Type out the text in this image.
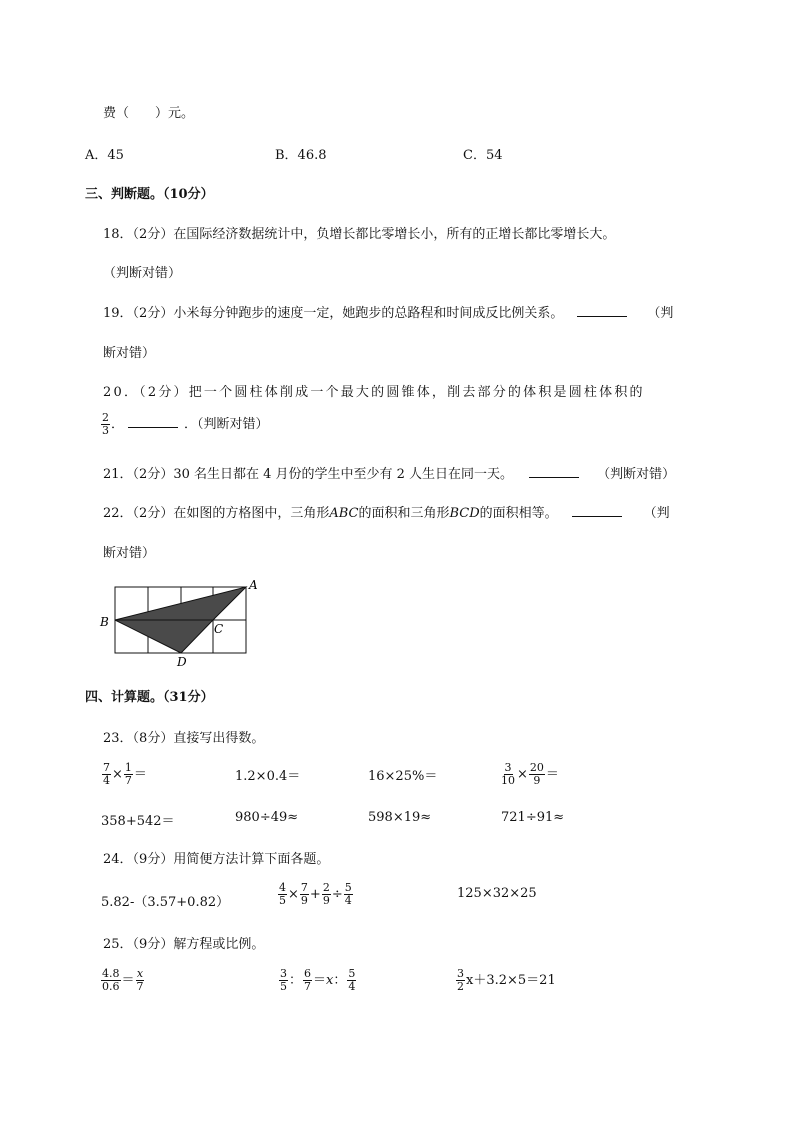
费（　　）元。
A．45	B．46.8	C．54
三、判断题。（10分）
18．（2分）在国际经济数据统计中，负增长都比零增长小，所有的正增长都比零增长大。
（判断对错）
19．（2分）小米每分钟跑步的速度一定，她跑步的总路程和时间成反比例关系。	（判
断对错）
20．（2分）把一个圆柱体削成一个最大的圆锥体，削去部分的体积是圆柱体积的
$\frac{2}{3}$ ．	．（判断对错）
21．（2分）30 名生日都在 4 月份的学生中至少有 2 人生日在同一天。	（判断对错）
22．（2分）在如图的方格图中，三角形ABC的面积和三角形BCD的面积相等。	（判
断对错）
A
B	C
D
四、计算题。（31分）
23．（8分）直接写出得数。
$\frac{7}{4} \times \frac{1}{7}$ ＝	1.2×0.4＝	16×25%＝	$\frac{3}{10} \times \frac{20}{9}$ ＝
358+542＝	980÷49≈	598×19≈	721÷91≈
24．（9分）用简便方法计算下面各题。
5.82-（3.57+0.82）	$\frac{4}{5} \times \frac{7}{9} + \frac{2}{9} \div \frac{5}{4}$	125×32×25
25．（9分）解方程或比例。
$\frac{4.8}{0.6} = \frac{x}{7}$	$\frac{3}{5}$ ： $\frac{6}{7} =x$： $\frac{5}{4}$	$\frac{3}{2} x+3.2\times 5=21$
